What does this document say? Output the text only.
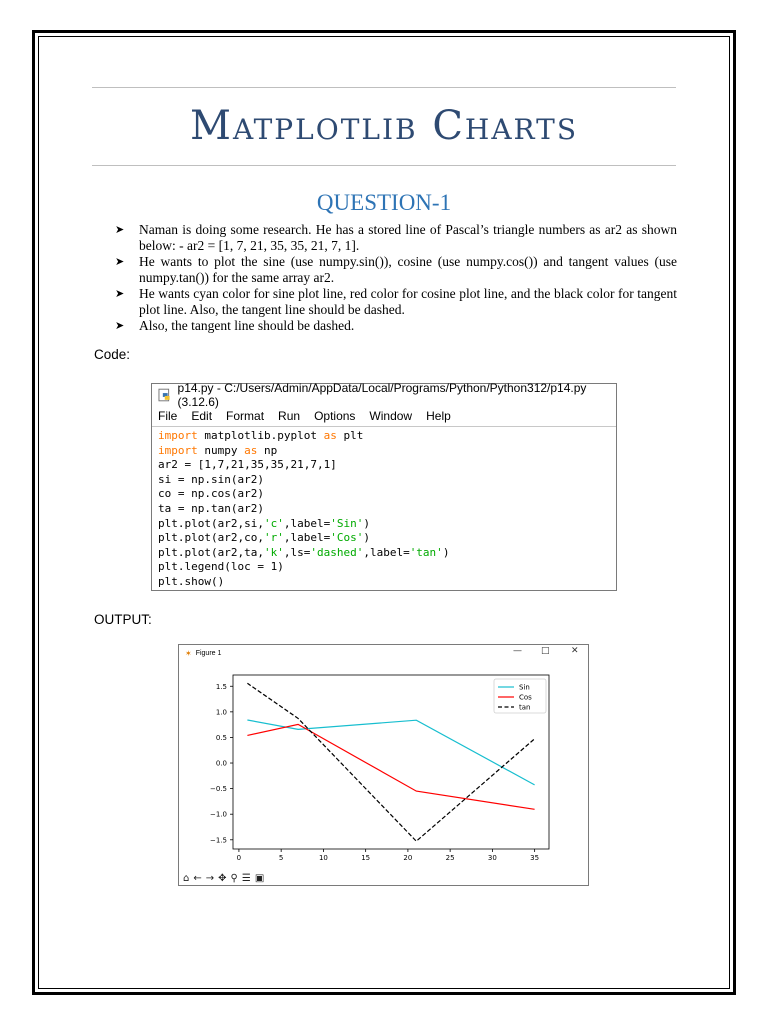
Matplotlib Charts
QUESTION-1
➤ Naman is doing some research. He has a stored line of Pascal’s triangle numbers as ar2 as shown below: - ar2 = [1, 7, 21, 35, 35, 21, 7, 1].
➤ He wants to plot the sine (use numpy.sin()), cosine (use numpy.cos()) and tangent values (use numpy.tan()) for the same array ar2.
➤ He wants cyan color for sine plot line, red color for cosine plot line, and the black color for tangent plot line. Also, the tangent line should be dashed.
➤ Also, the tangent line should be dashed.
Code:
p14.py - C:/Users/Admin/AppData/Local/Programs/Python/Python312/p14.py (3.12.6)
File Edit Format Run Options Window Help
import matplotlib.pyplot as plt
import numpy as np
ar2 = [1,7,21,35,35,21,7,1]
si = np.sin(ar2)
co = np.cos(ar2)
ta = np.tan(ar2)
plt.plot(ar2,si,'c',label='Sin')
plt.plot(ar2,co,'r',label='Cos')
plt.plot(ar2,ta,'k',ls='dashed',label='tan')
plt.legend(loc = 1)
plt.show()
OUTPUT:
✶ Figure 1	— □ ✕
0	5	10	15	20	25	30	35
1.5
1.0
0.5
0.0
−0.5
−1.0
−1.5
Sin
Cos
tan
⌂ ← → ✥ ⚲ ☰ ▣
